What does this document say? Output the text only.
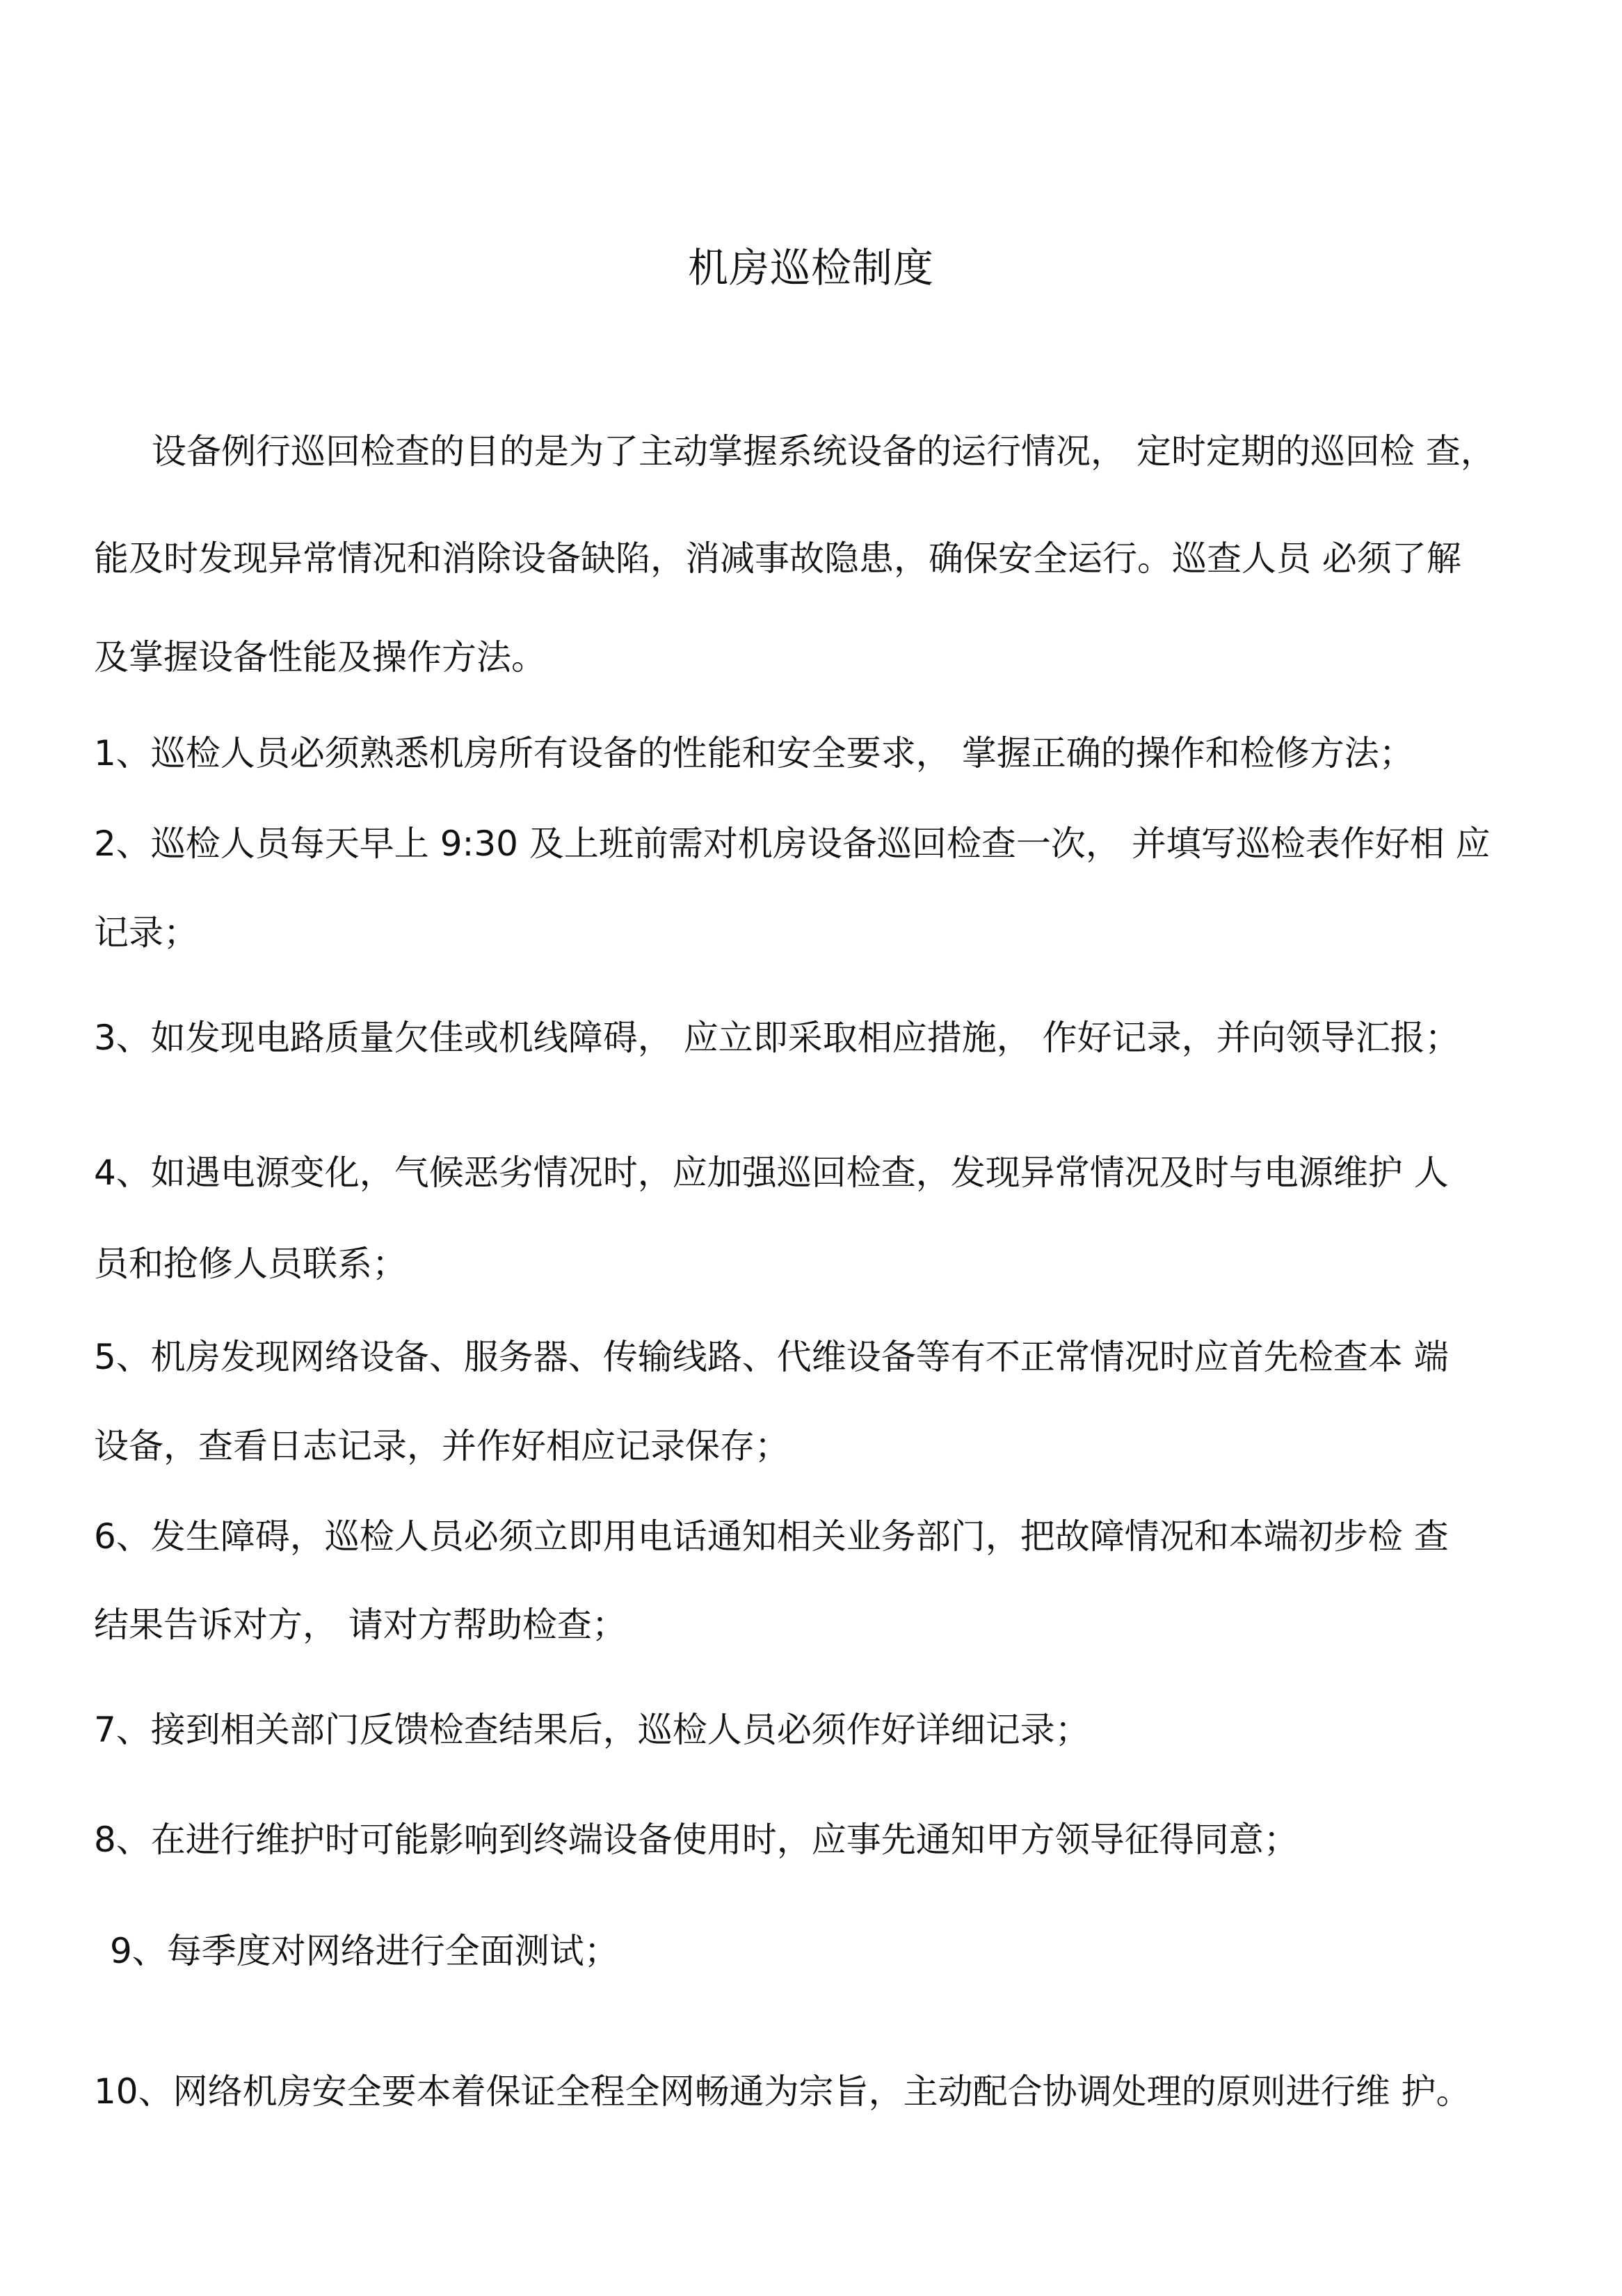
机房巡检制度
设备例行巡回检查的目的是为了主动掌握系统设备的运行情况， 定时定期的巡回检 查，
能及时发现异常情况和消除设备缺陷，消减事故隐患，确保安全运行。巡查人员 必须了解
及掌握设备性能及操作方法。
1、巡检人员必须熟悉机房所有设备的性能和安全要求， 掌握正确的操作和检修方法；
2、巡检人员每天早上 9:30 及上班前需对机房设备巡回检查一次， 并填写巡检表作好相 应
记录；
3、如发现电路质量欠佳或机线障碍， 应立即采取相应措施， 作好记录，并向领导汇报；
4、如遇电源变化，气候恶劣情况时，应加强巡回检查，发现异常情况及时与电源维护 人
员和抢修人员联系；
5、机房发现网络设备、服务器、传输线路、代维设备等有不正常情况时应首先检查本 端
设备，查看日志记录，并作好相应记录保存；
6、发生障碍，巡检人员必须立即用电话通知相关业务部门，把故障情况和本端初步检 查
结果告诉对方， 请对方帮助检查；
7、接到相关部门反馈检查结果后，巡检人员必须作好详细记录；
8、在进行维护时可能影响到终端设备使用时，应事先通知甲方领导征得同意；
9、每季度对网络进行全面测试；
10、网络机房安全要本着保证全程全网畅通为宗旨，主动配合协调处理的原则进行维 护。
